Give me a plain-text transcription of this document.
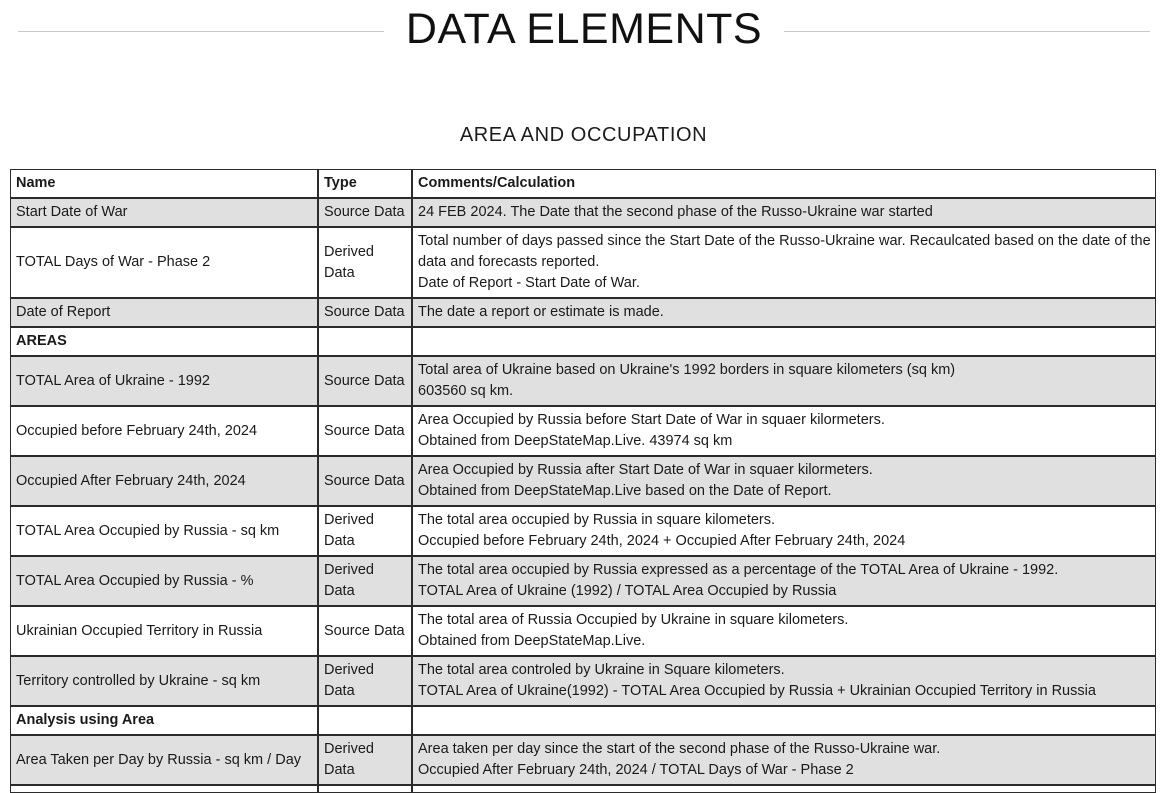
DATA ELEMENTS
AREA AND OCCUPATION
Name	Type	Comments/Calculation
Start Date of War	Source Data	24 FEB 2024. The Date that the second phase of the Russo-Ukraine war started

TOTAL Days of War - Phase 2	Derived Data	Total number of days passed since the Start Date of the Russo-Ukraine war. Recaulcated based on the date of the data and forecasts reported.
Date of Report - Start Date of War.

Date of Report	Source Data	The date a report or estimate is made.

AREAS		

TOTAL Area of Ukraine - 1992	Source Data	Total area of Ukraine based on Ukraine's 1992 borders in square kilometers (sq km)
603560 sq km.

Occupied before February 24th, 2024	Source Data	Area Occupied by Russia before Start Date of War in squaer kilormeters.
Obtained from DeepStateMap.Live. 43974 sq km

Occupied After February 24th, 2024	Source Data	Area Occupied by Russia after Start Date of War in squaer kilormeters.
Obtained from DeepStateMap.Live based on the Date of Report.

TOTAL Area Occupied by Russia - sq km	Derived Data	The total area occupied by Russia in square kilometers.
Occupied before February 24th, 2024 + Occupied After February 24th, 2024

TOTAL Area Occupied by Russia - %	Derived Data	The total area occupied by Russia expressed as a percentage of the TOTAL Area of Ukraine - 1992.
TOTAL Area of Ukraine (1992) / TOTAL Area Occupied by Russia

Ukrainian Occupied Territory in Russia	Source Data	The total area of Russia Occupied by Ukraine in square kilometers.
Obtained from DeepStateMap.Live.

Territory controlled by Ukraine - sq km	Derived Data	The total area controled by Ukraine in Square kilometers.
TOTAL Area of Ukraine(1992) - TOTAL Area Occupied by Russia + Ukrainian Occupied Territory in Russia

Analysis using Area		

Area Taken per Day by Russia - sq km / Day	Derived Data	Area taken per day since the start of the second phase of the Russo-Ukraine war.
Occupied After February 24th, 2024 / TOTAL Days of War - Phase 2
